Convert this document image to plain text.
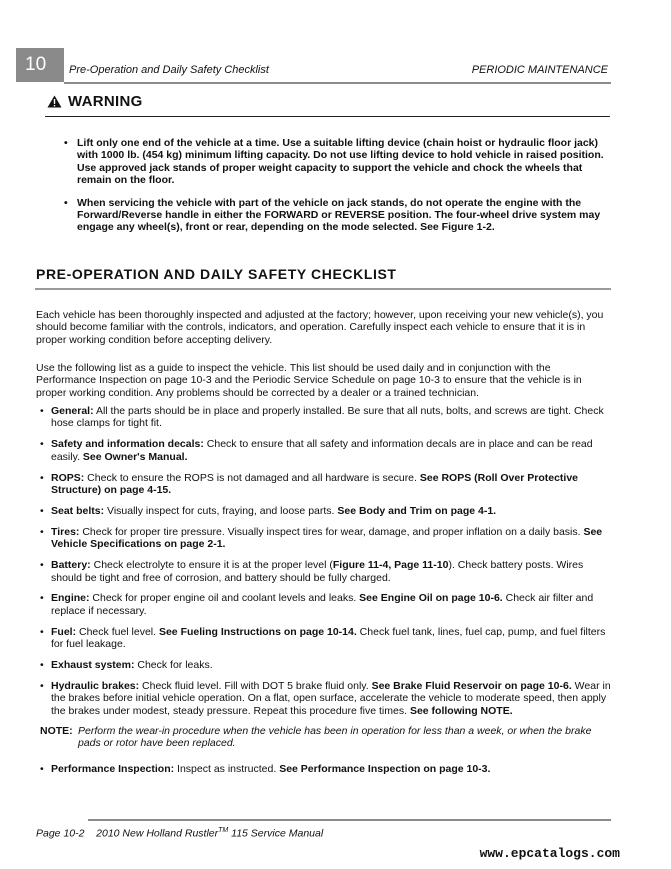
10	Pre-Operation and Daily Safety Checklist	PERIODIC MAINTENANCE
WARNING
• Lift only one end of the vehicle at a time. Use a suitable lifting device (chain hoist or hydraulic floor jack) with 1000 lb. (454 kg) minimum lifting capacity. Do not use lifting device to hold vehicle in raised position. Use approved jack stands of proper weight capacity to support the vehicle and chock the wheels that remain on the floor.
• When servicing the vehicle with part of the vehicle on jack stands, do not operate the engine with the Forward/Reverse handle in either the FORWARD or REVERSE position. The four-wheel drive system may engage any wheel(s), front or rear, depending on the mode selected. See Figure 1-2.
PRE-OPERATION AND DAILY SAFETY CHECKLIST
Each vehicle has been thoroughly inspected and adjusted at the factory; however, upon receiving your new vehicle(s), you should become familiar with the controls, indicators, and operation. Carefully inspect each vehicle to ensure that it is in proper working condition before accepting delivery.
Use the following list as a guide to inspect the vehicle. This list should be used daily and in conjunction with the Performance Inspection on page 10-3 and the Periodic Service Schedule on page 10-3 to ensure that the vehicle is in proper working condition. Any problems should be corrected by a dealer or a trained technician.
• General: All the parts should be in place and properly installed. Be sure that all nuts, bolts, and screws are tight. Check hose clamps for tight fit.
• Safety and information decals: Check to ensure that all safety and information decals are in place and can be read easily. See Owner's Manual.
• ROPS: Check to ensure the ROPS is not damaged and all hardware is secure. See ROPS (Roll Over Protective Structure) on page 4-15.
• Seat belts: Visually inspect for cuts, fraying, and loose parts. See Body and Trim on page 4-1.
• Tires: Check for proper tire pressure. Visually inspect tires for wear, damage, and proper inflation on a daily basis. See Vehicle Specifications on page 2-1.
• Battery: Check electrolyte to ensure it is at the proper level (Figure 11-4, Page 11-10). Check battery posts. Wires should be tight and free of corrosion, and battery should be fully charged.
• Engine: Check for proper engine oil and coolant levels and leaks. See Engine Oil on page 10-6. Check air filter and replace if necessary.
• Fuel: Check fuel level. See Fueling Instructions on page 10-14. Check fuel tank, lines, fuel cap, pump, and fuel filters for fuel leakage.
• Exhaust system: Check for leaks.
• Hydraulic brakes: Check fluid level. Fill with DOT 5 brake fluid only. See Brake Fluid Reservoir on page 10-6. Wear in the brakes before initial vehicle operation. On a flat, open surface, accelerate the vehicle to moderate speed, then apply the brakes under modest, steady pressure. Repeat this procedure five times. See following NOTE.
NOTE: Perform the wear-in procedure when the vehicle has been in operation for less than a week, or when the brake pads or rotor have been replaced.
• Performance Inspection: Inspect as instructed. See Performance Inspection on page 10-3.
Page 10-2 2010 New Holland Rustler™ 115 Service Manual
www.epcatalogs.com
